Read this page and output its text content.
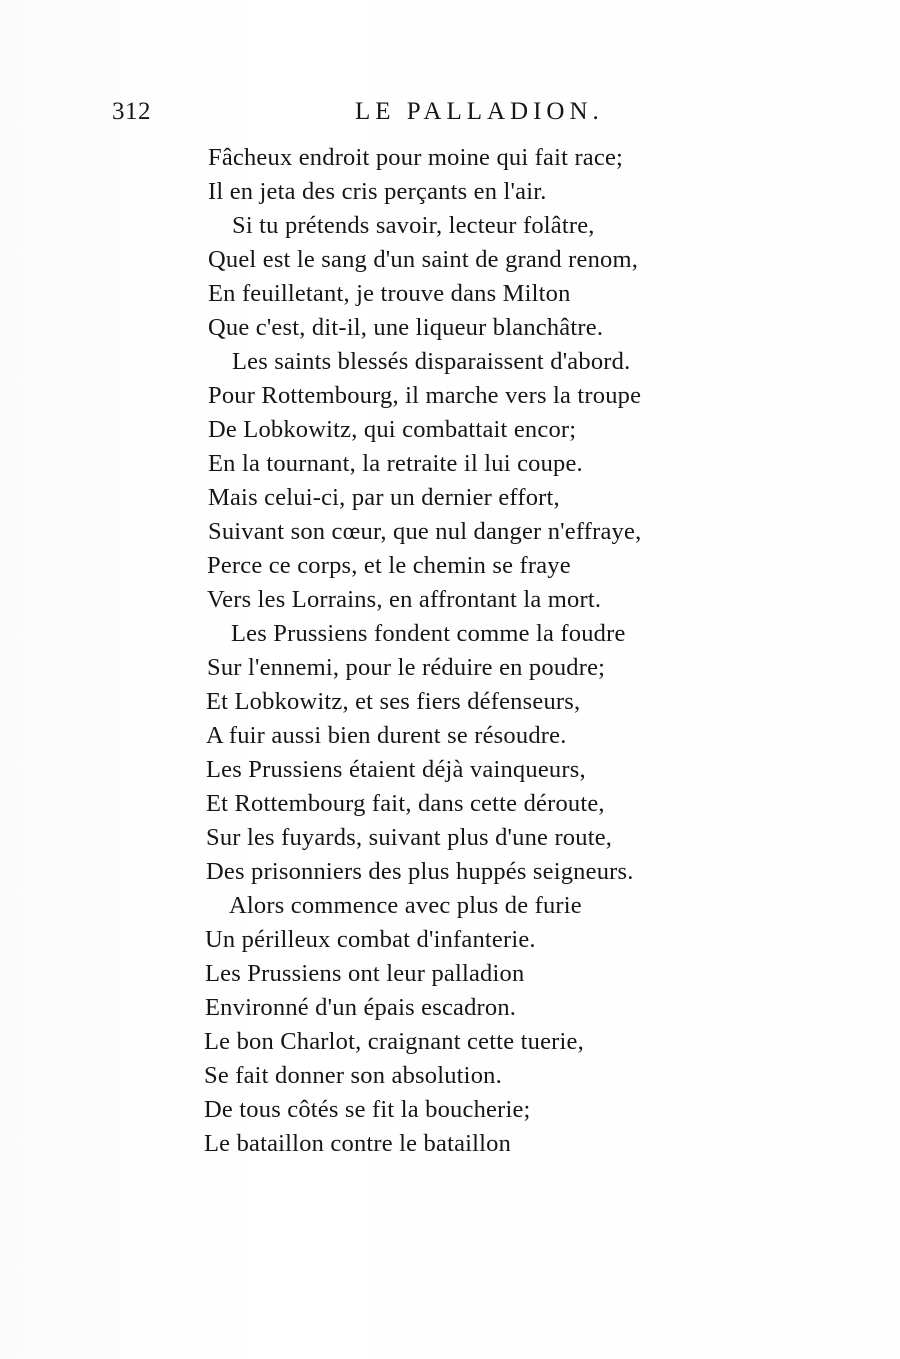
312	LE PALLADION.
Fâcheux endroit pour moine qui fait race;
Il en jeta des cris perçants en l'air.
Si tu prétends savoir, lecteur folâtre,
Quel est le sang d'un saint de grand renom,
En feuilletant, je trouve dans Milton
Que c'est, dit-il, une liqueur blanchâtre.
Les saints blessés disparaissent d'abord.
Pour Rottembourg, il marche vers la troupe
De Lobkowitz, qui combattait encor;
En la tournant, la retraite il lui coupe.
Mais celui-ci, par un dernier effort,
Suivant son cœur, que nul danger n'effraye,
Perce ce corps, et le chemin se fraye
Vers les Lorrains, en affrontant la mort.
Les Prussiens fondent comme la foudre
Sur l'ennemi, pour le réduire en poudre;
Et Lobkowitz, et ses fiers défenseurs,
A fuir aussi bien durent se résoudre.
Les Prussiens étaient déjà vainqueurs,
Et Rottembourg fait, dans cette déroute,
Sur les fuyards, suivant plus d'une route,
Des prisonniers des plus huppés seigneurs.
Alors commence avec plus de furie
Un périlleux combat d'infanterie.
Les Prussiens ont leur palladion
Environné d'un épais escadron.
Le bon Charlot, craignant cette tuerie,
Se fait donner son absolution.
De tous côtés se fit la boucherie;
Le bataillon contre le bataillon
